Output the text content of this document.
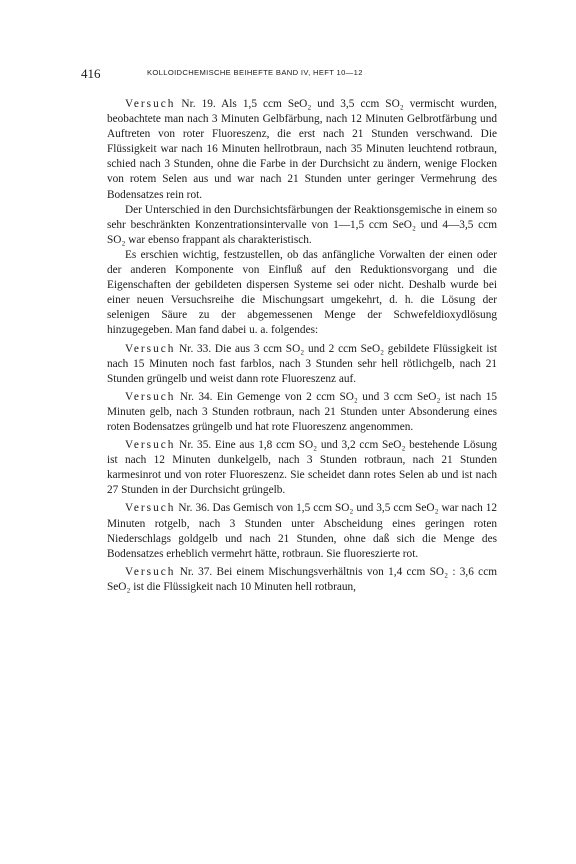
416	KOLLOIDCHEMISCHE BEIHEFTE BAND IV, HEFT 10—12

Versuch Nr. 19. Als 1,5 ccm SeO₂ und 3,5 ccm SO₂ vermischt wurden, beobachtete man nach 3 Minuten Gelbfärbung, nach 12 Minuten Gelbrotfärbung und Auftreten von roter Fluoreszenz, die erst nach 21 Stunden verschwand. Die Flüssigkeit war nach 16 Minuten hellrotbraun, nach 35 Minuten leuchtend rotbraun, schied nach 3 Stunden, ohne die Farbe in der Durchsicht zu ändern, wenige Flocken von rotem Selen aus und war nach 21 Stunden unter geringer Vermehrung des Bodensatzes rein rot.

Der Unterschied in den Durchsichtsfärbungen der Reaktionsgemische in einem so sehr beschränkten Konzentrationsintervalle von 1—1,5 ccm SeO₂ und 4—3,5 ccm SO₂ war ebenso frappant als charakteristisch.

Es erschien wichtig, festzustellen, ob das anfängliche Vorwalten der einen oder der anderen Komponente von Einfluß auf den Reduktionsvorgang und die Eigenschaften der gebildeten dispersen Systeme sei oder nicht. Deshalb wurde bei einer neuen Versuchsreihe die Mischungsart umgekehrt, d. h. die Lösung der selenigen Säure zu der abgemessenen Menge der Schwefeldioxydlösung hinzugegeben. Man fand dabei u. a. folgendes:

Versuch Nr. 33. Die aus 3 ccm SO₂ und 2 ccm SeO₂ gebildete Flüssigkeit ist nach 15 Minuten noch fast farblos, nach 3 Stunden sehr hell rötlichgelb, nach 21 Stunden grüngelb und weist dann rote Fluoreszenz auf.

Versuch Nr. 34. Ein Gemenge von 2 ccm SO₂ und 3 ccm SeO₂ ist nach 15 Minuten gelb, nach 3 Stunden rotbraun, nach 21 Stunden unter Absonderung eines roten Bodensatzes grüngelb und hat rote Fluoreszenz angenommen.

Versuch Nr. 35. Eine aus 1,8 ccm SO₂ und 3,2 ccm SeO₂ bestehende Lösung ist nach 12 Minuten dunkelgelb, nach 3 Stunden rotbraun, nach 21 Stunden karmesinrot und von roter Fluoreszenz. Sie scheidet dann rotes Selen ab und ist nach 27 Stunden in der Durchsicht grüngelb.

Versuch Nr. 36. Das Gemisch von 1,5 ccm SO₂ und 3,5 ccm SeO₂ war nach 12 Minuten rotgelb, nach 3 Stunden unter Abscheidung eines geringen roten Niederschlags goldgelb und nach 21 Stunden, ohne daß sich die Menge des Bodensatzes erheblich vermehrt hätte, rotbraun. Sie fluoreszierte rot.

Versuch Nr. 37. Bei einem Mischungsverhältnis von 1,4 ccm SO₂ : 3,6 ccm SeO₂ ist die Flüssigkeit nach 10 Minuten hell rotbraun,
